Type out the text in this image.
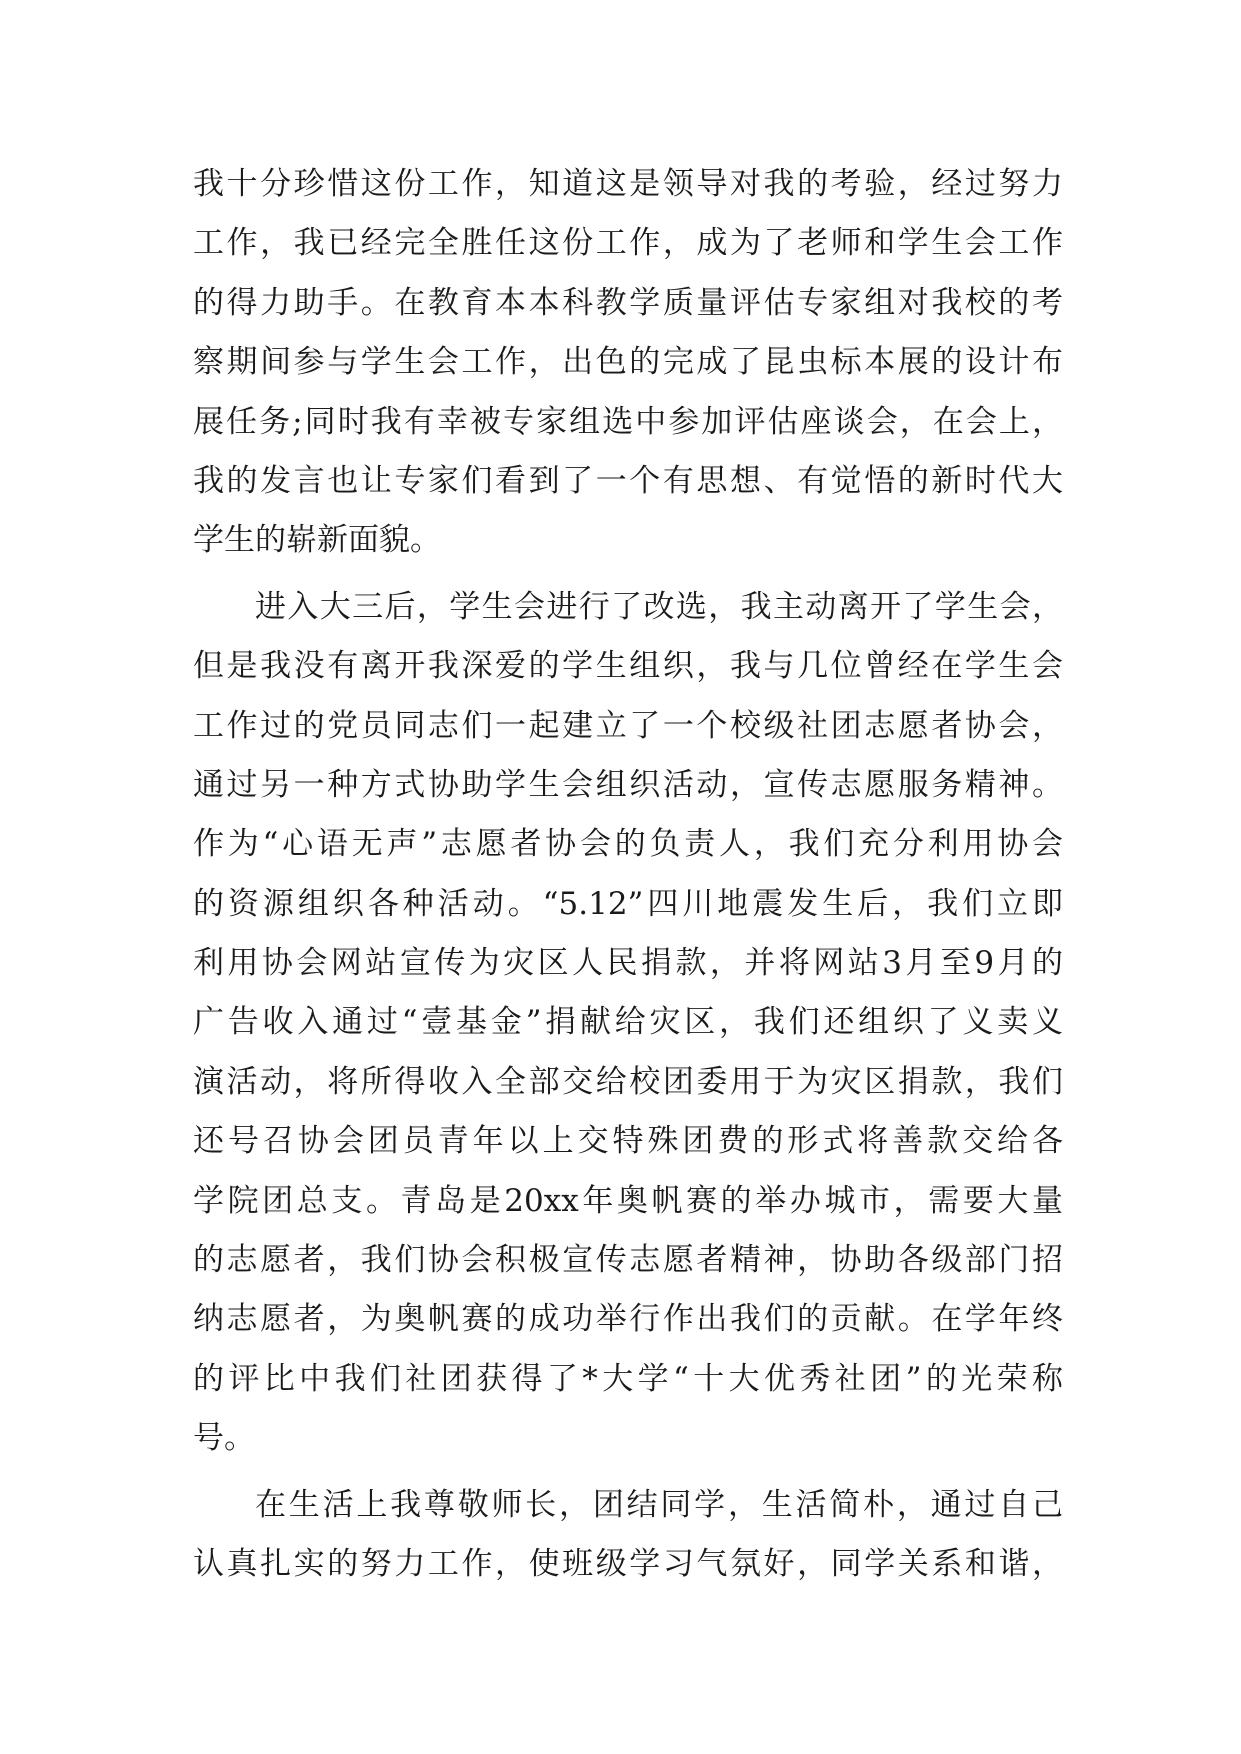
我十分珍惜这份工作，知道这是领导对我的考验，经过努力
工作，我已经完全胜任这份工作，成为了老师和学生会工作
的得力助手。在教育本本科教学质量评估专家组对我校的考
察期间参与学生会工作，出色的完成了昆虫标本展的设计布
展任务;同时我有幸被专家组选中参加评估座谈会，在会上，
我的发言也让专家们看到了一个有思想、有觉悟的新时代大
学生的崭新面貌。
进入大三后，学生会进行了改选，我主动离开了学生会，
但是我没有离开我深爱的学生组织，我与几位曾经在学生会
工作过的党员同志们一起建立了一个校级社团志愿者协会，
通过另一种方式协助学生会组织活动，宣传志愿服务精神。
作为“心语无声”志愿者协会的负责人，我们充分利用协会
的资源组织各种活动。“5.12”四川地震发生后，我们立即
利用协会网站宣传为灾区人民捐款，并将网站3月至9月的
广告收入通过“壹基金”捐献给灾区，我们还组织了义卖义
演活动，将所得收入全部交给校团委用于为灾区捐款，我们
还号召协会团员青年以上交特殊团费的形式将善款交给各
学院团总支。青岛是20xx年奥帆赛的举办城市，需要大量
的志愿者，我们协会积极宣传志愿者精神，协助各级部门招
纳志愿者，为奥帆赛的成功举行作出我们的贡献。在学年终
的评比中我们社团获得了*大学“十大优秀社团”的光荣称
号。
在生活上我尊敬师长，团结同学，生活简朴，通过自己
认真扎实的努力工作，使班级学习气氛好，同学关系和谐，
